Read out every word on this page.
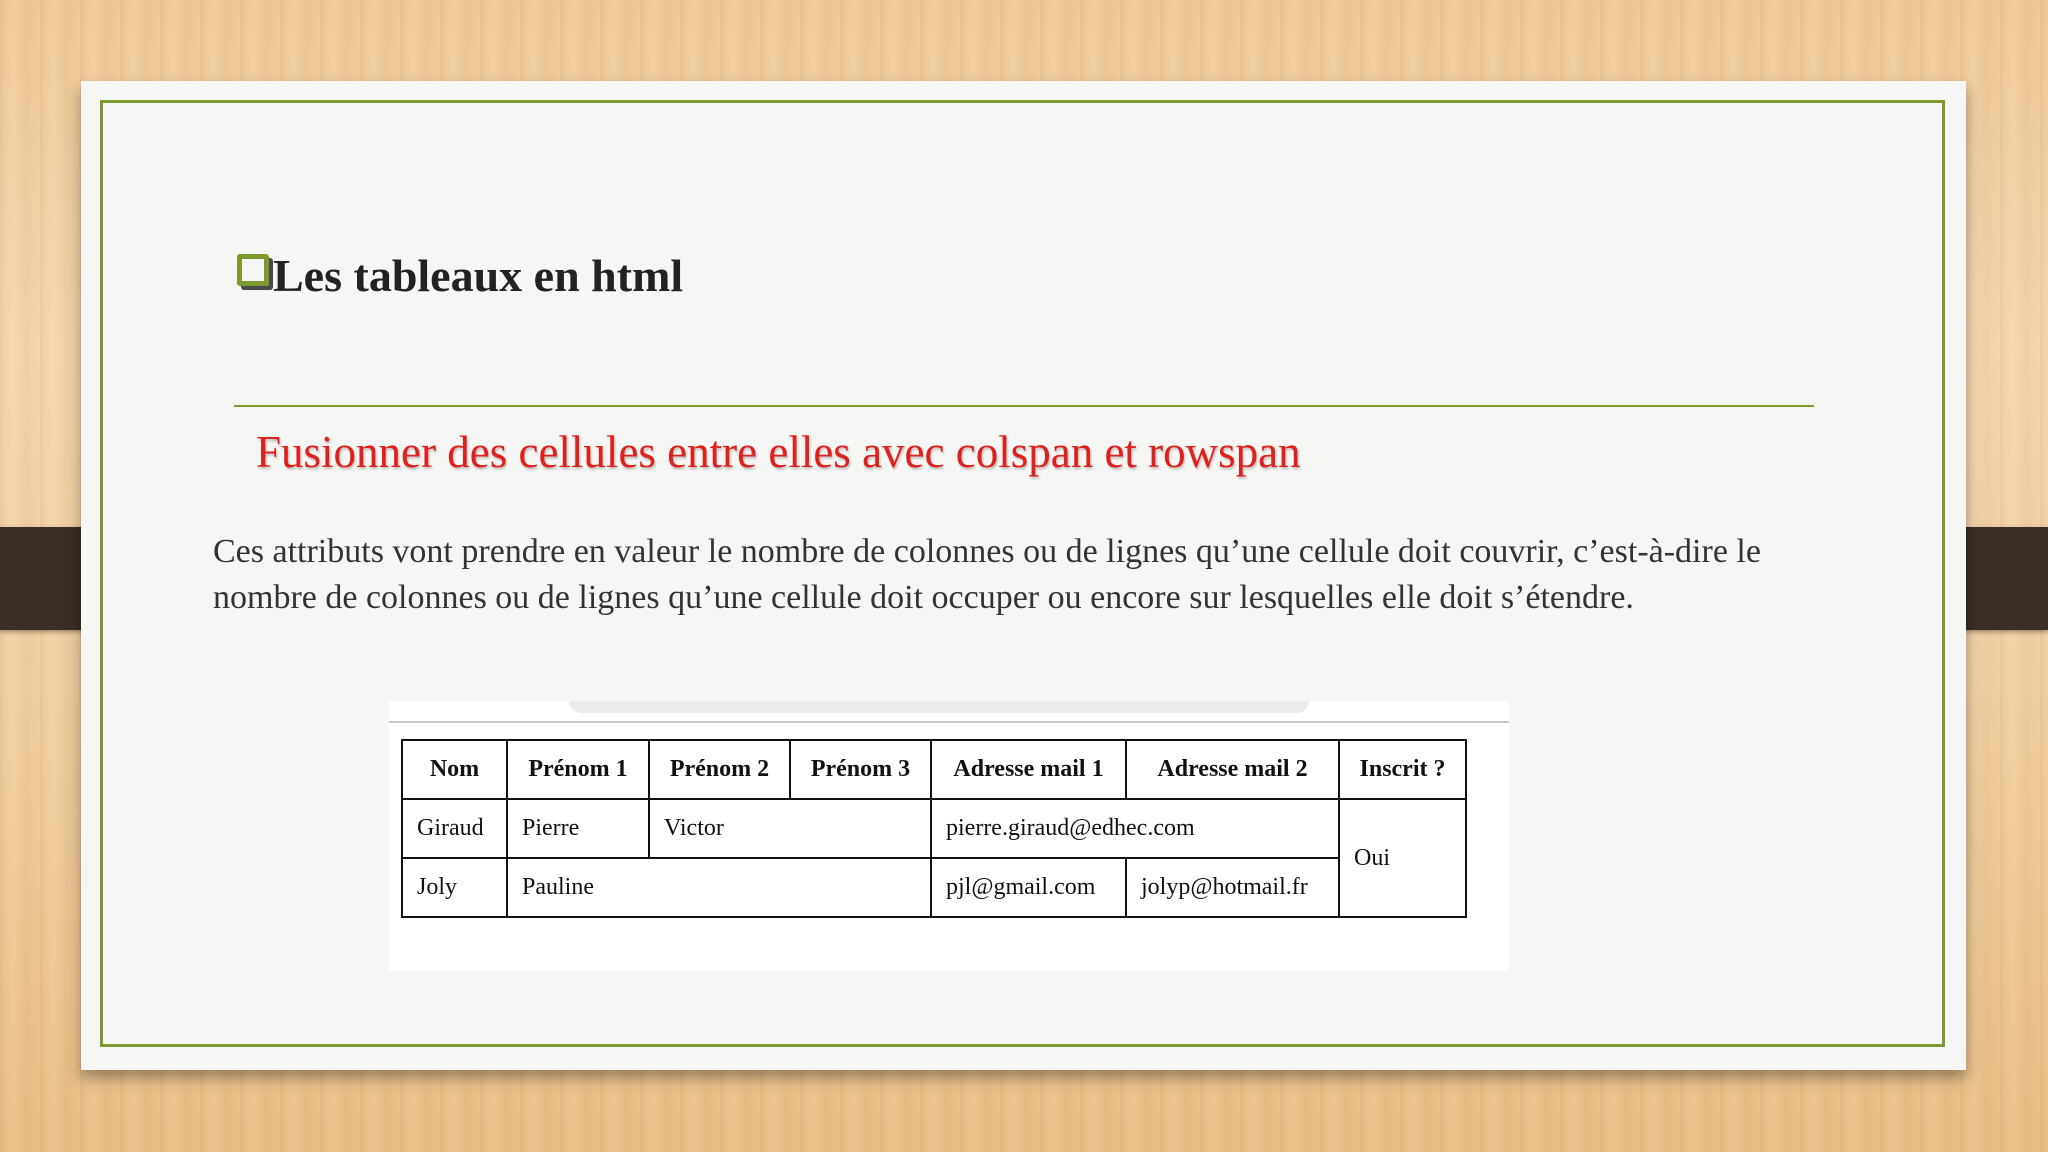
Les tableaux en html
Fusionner des cellules entre elles avec colspan et rowspan
Ces attributs vont prendre en valeur le nombre de colonnes ou de lignes qu’une cellule doit couvrir, c’est-à-dire le nombre de colonnes ou de lignes qu’une cellule doit occuper ou encore sur lesquelles elle doit s’étendre.
Nom	Prénom 1	Prénom 2	Prénom 3	Adresse mail 1	Adresse mail 2	Inscrit ?
Giraud	Pierre	Victor		pierre.giraud@edhec.com		Oui
Joly	Pauline			pjl@gmail.com	jolyp@hotmail.fr	
